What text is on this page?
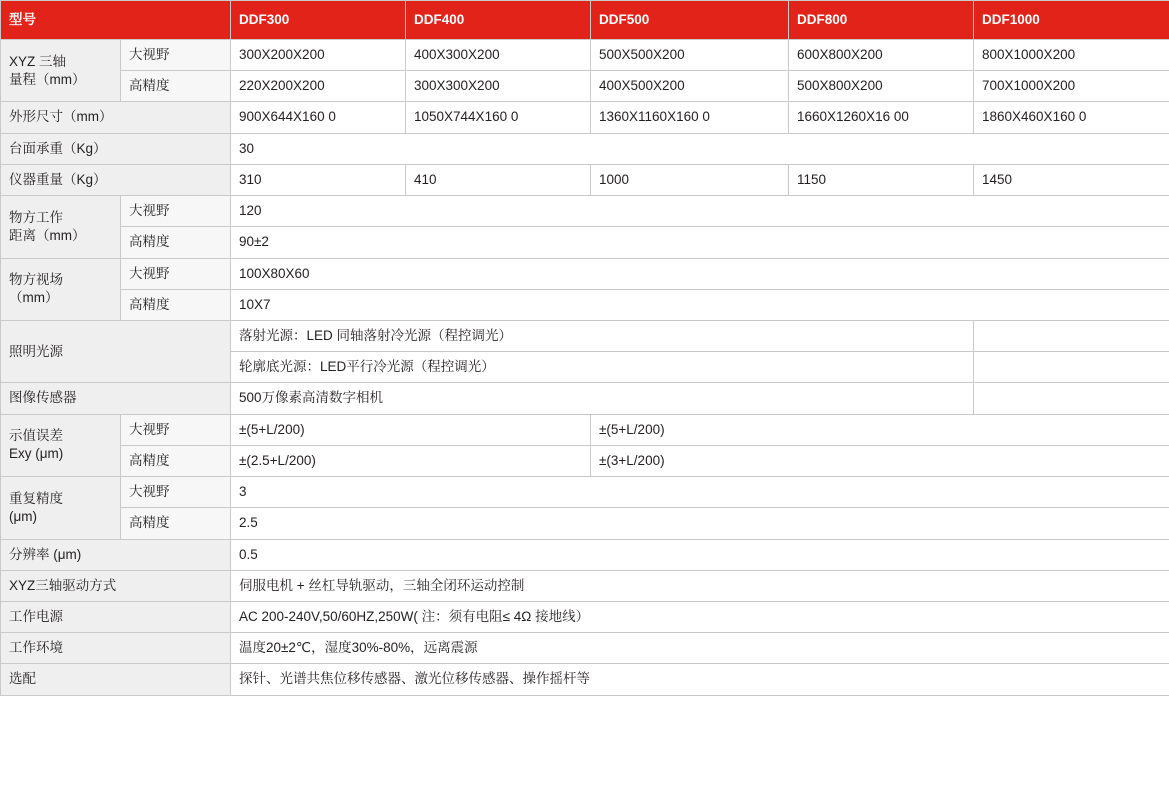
型号		DDF300	DDF400	DDF500	DDF800	DDF1000

XYZ 三轴
量程（mm）	大视野	300X200X200	400X300X200	500X500X200	600X800X200	800X1000X200
	高精度	220X200X200	300X300X200	400X500X200	500X800X200	700X1000X200
外形尺寸（mm）		900X644X160 0	1050X744X160 0	1360X1160X160 0	1660X1260X16 00	1860X460X160 0
台面承重（Kg）		30				
仪器重量（Kg）		310	410	1000	1150	1450

物方工作
距离（mm）	大视野	120				
	高精度	90±2				

物方视场
（mm）	大视野	100X80X60				
	高精度	10X7				
照明光源		落射光源：LED 同轴落射冷光源（程控调光）				
		轮廓底光源：LED平行冷光源（程控调光）				
图像传感器		500万像素高清数字相机				

示值误差
Exy (μm)	大视野	±(5+L/200)		±(5+L/200)		
	高精度	±(2.5+L/200)		±(3+L/200)		

重复精度
(μm)	大视野	3				
	高精度	2.5				
分辨率 (μm)		0.5				
XYZ三轴驱动方式		伺服电机 + 丝杠导轨驱动，三轴全闭环运动控制				
工作电源		AC 200-240V,50/60HZ,250W( 注：须有电阻≤ 4Ω 接地线）				
工作环境		温度20±2℃，湿度30%-80%，远离震源				
选配		探针、光谱共焦位移传感器、激光位移传感器、操作摇杆等				
